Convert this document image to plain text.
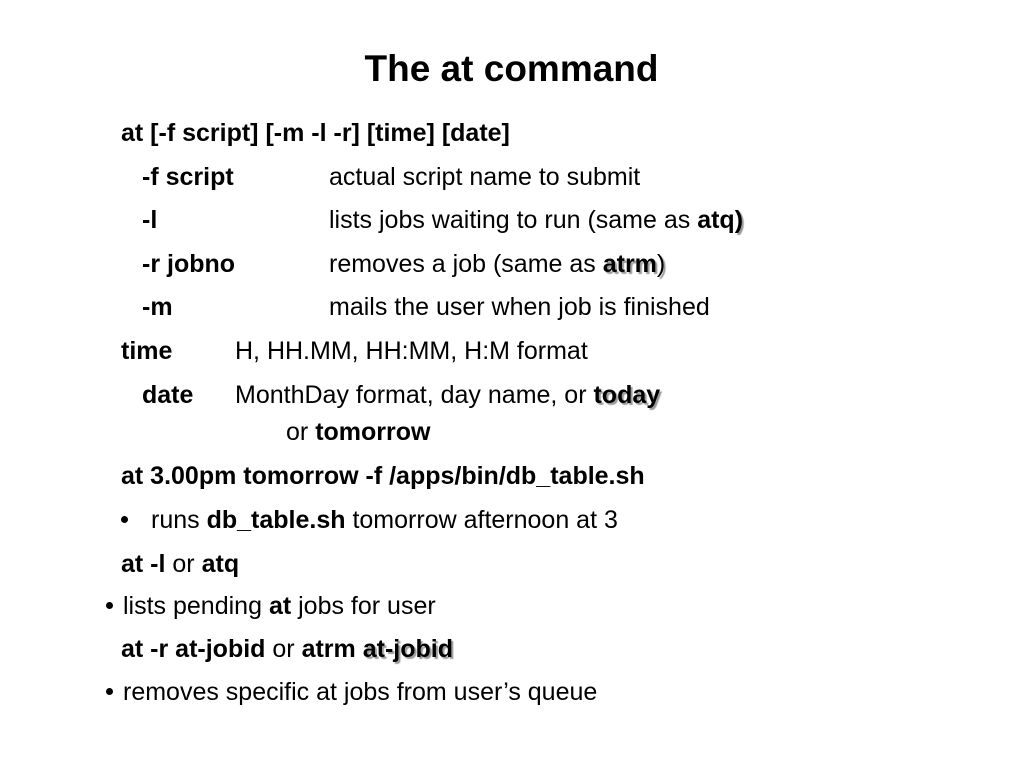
The at command
at [-f script] [-m -l -r] [time] [date]
-f script	actual script name to submit
-l	lists jobs waiting to run (same as atq)
-r jobno	removes a job (same as atrm)
-m	mails the user when job is finished
time	H, HH.MM, HH:MM, H:M format
date MonthDay format, day name, or today
or tomorrow
at 3.00pm tomorrow -f /apps/bin/db_table.sh
runs db_table.sh tomorrow afternoon at 3
at -l or atq
lists pending at jobs for user
at -r at-jobid or atrm at-jobid
removes specific at jobs from user’s queue
